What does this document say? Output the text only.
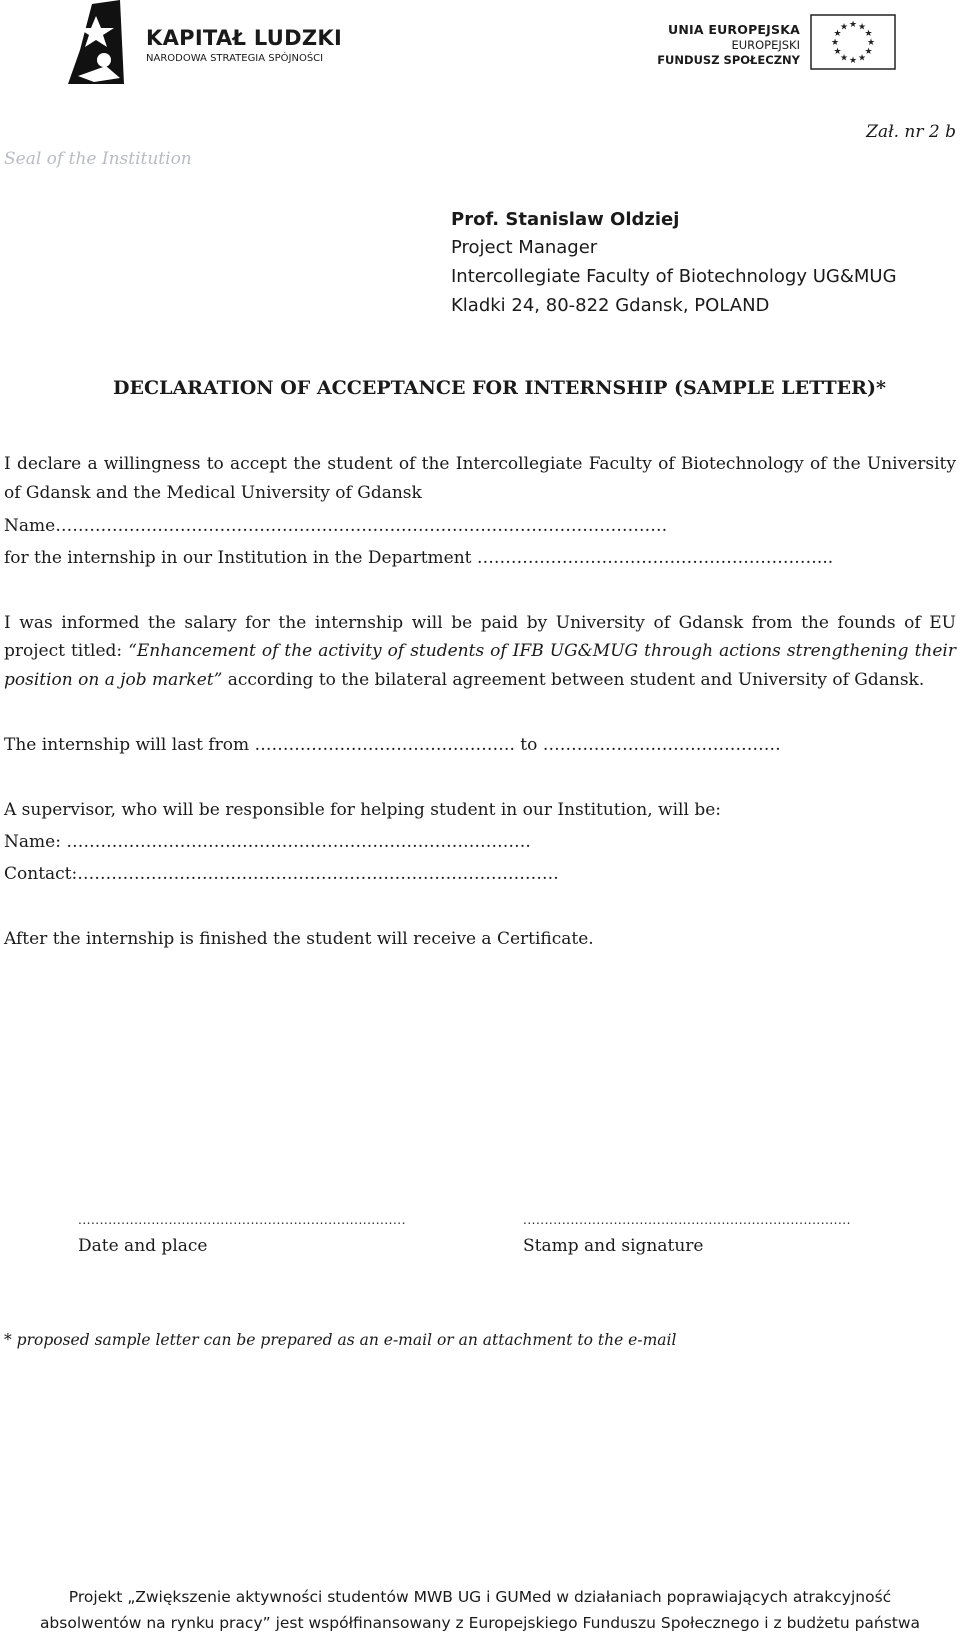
KAPITAŁ LUDZKI
NARODOWA STRATEGIA SPÓJNOŚCI
UNIA EUROPEJSKA
EUROPEJSKI
FUNDUSZ SPOŁECZNY
★ ★
★
★
★
★
★
★
★
★
★
★
Seal of the Institution
Zał. nr 2 b
Prof. Stanislaw Oldziej
Project Manager
Intercollegiate Faculty of Biotechnology UG&MUG
Kladki 24, 80-822 Gdansk, POLAND
DECLARATION OF ACCEPTANCE FOR INTERNSHIP (SAMPLE LETTER)*
I declare a willingness to accept the student of the Intercollegiate Faculty of Biotechnology of the University
of Gdansk and the Medical University of Gdansk
Name………………………………………………………………………………………………
for the internship in our Institution in the Department ……………………………………………………...
I was informed the salary for the internship will be paid by University of Gdansk from the founds of EU
project titled: “Enhancement of the activity of students of IFB UG&MUG through actions strengthening their
position on a job market” according to the bilateral agreement between student and University of Gdansk.
The internship will last from ………………………………………. to ……………………………………
A supervisor, who will be responsible for helping student in our Institution, will be:
Name: ……………………………………………………………………….
Contact:………………………………………………………………………….
After the internship is finished the student will receive a Certificate.
............................................................................
Date and place
............................................................................
Stamp and signature
* proposed sample letter can be prepared as an e-mail or an attachment to the e-mail
Projekt „Zwiększenie aktywności studentów MWB UG i GUMed w działaniach poprawiających atrakcyjność
absolwentów na rynku pracy” jest współfinansowany z Europejskiego Funduszu Społecznego i z budżetu państwa
